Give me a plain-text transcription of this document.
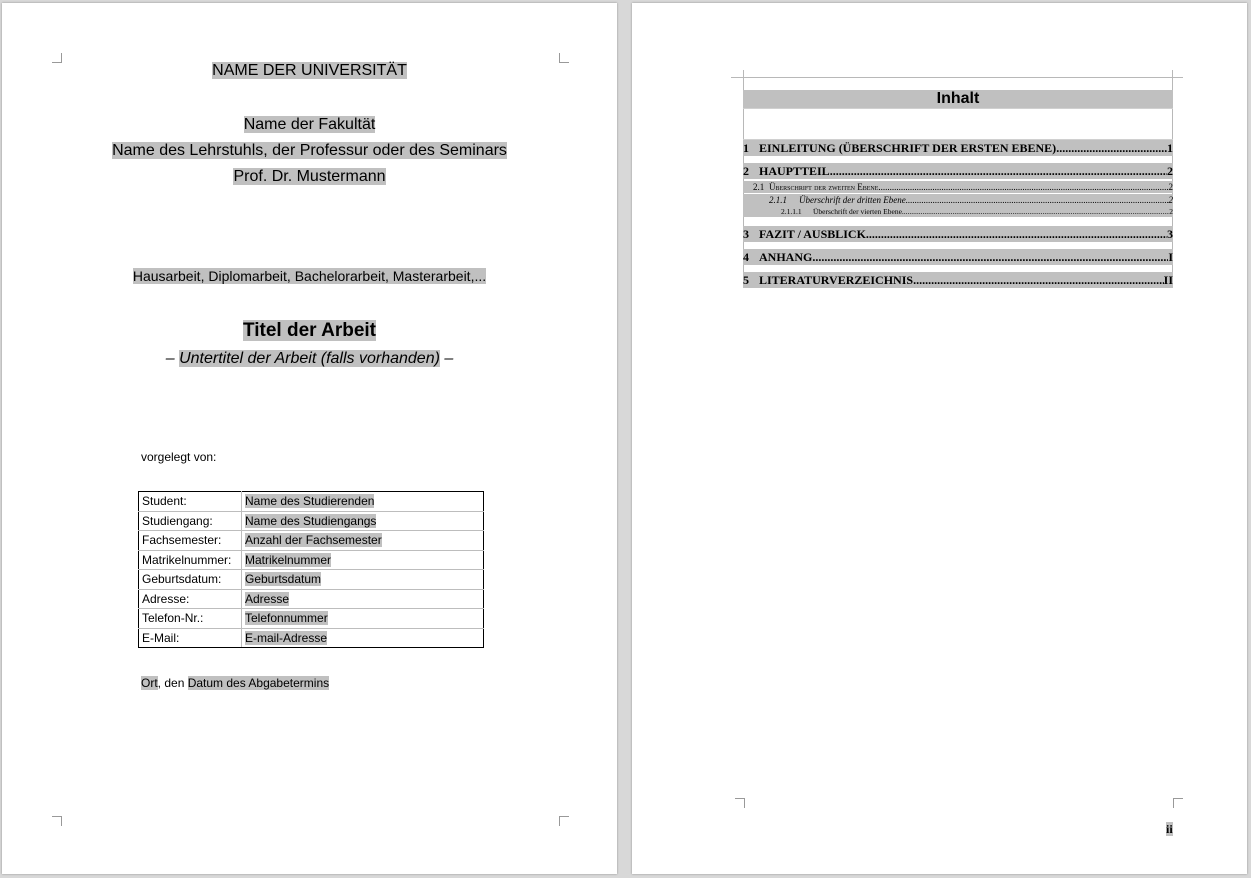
NAME DER UNIVERSITÄT
Name der Fakultät
Name des Lehrstuhls, der Professur oder des Seminars
Prof. Dr. Mustermann
Hausarbeit, Diplomarbeit, Bachelorarbeit, Masterarbeit,...
Titel der Arbeit
– Untertitel der Arbeit (falls vorhanden) –
vorgelegt von:
Student:	Name des Studierenden
Studiengang:	Name des Studiengangs
Fachsemester:	Anzahl der Fachsemester
Matrikelnummer:	Matrikelnummer
Geburtsdatum:	Geburtsdatum
Adresse:	Adresse
Telefon-Nr.:	Telefonnummer
E-Mail:	E-mail-Adresse
Ort, den Datum des Abgabetermins
Inhalt
1 EINLEITUNG (ÜBERSCHRIFT DER ERSTEN EBENE) .....	1
2 HAUPTTEIL .....	2
2.1 Überschrift der zweiten Ebene .....	2
2.1.1	Überschrift der dritten Ebene .....	2
2.1.1.1	Überschrift der vierten Ebene .....	2
3 FAZIT / AUSBLICK .....	3
4 ANHANG .....	I
5 LITERATURVERZEICHNIS .....	II
ii
